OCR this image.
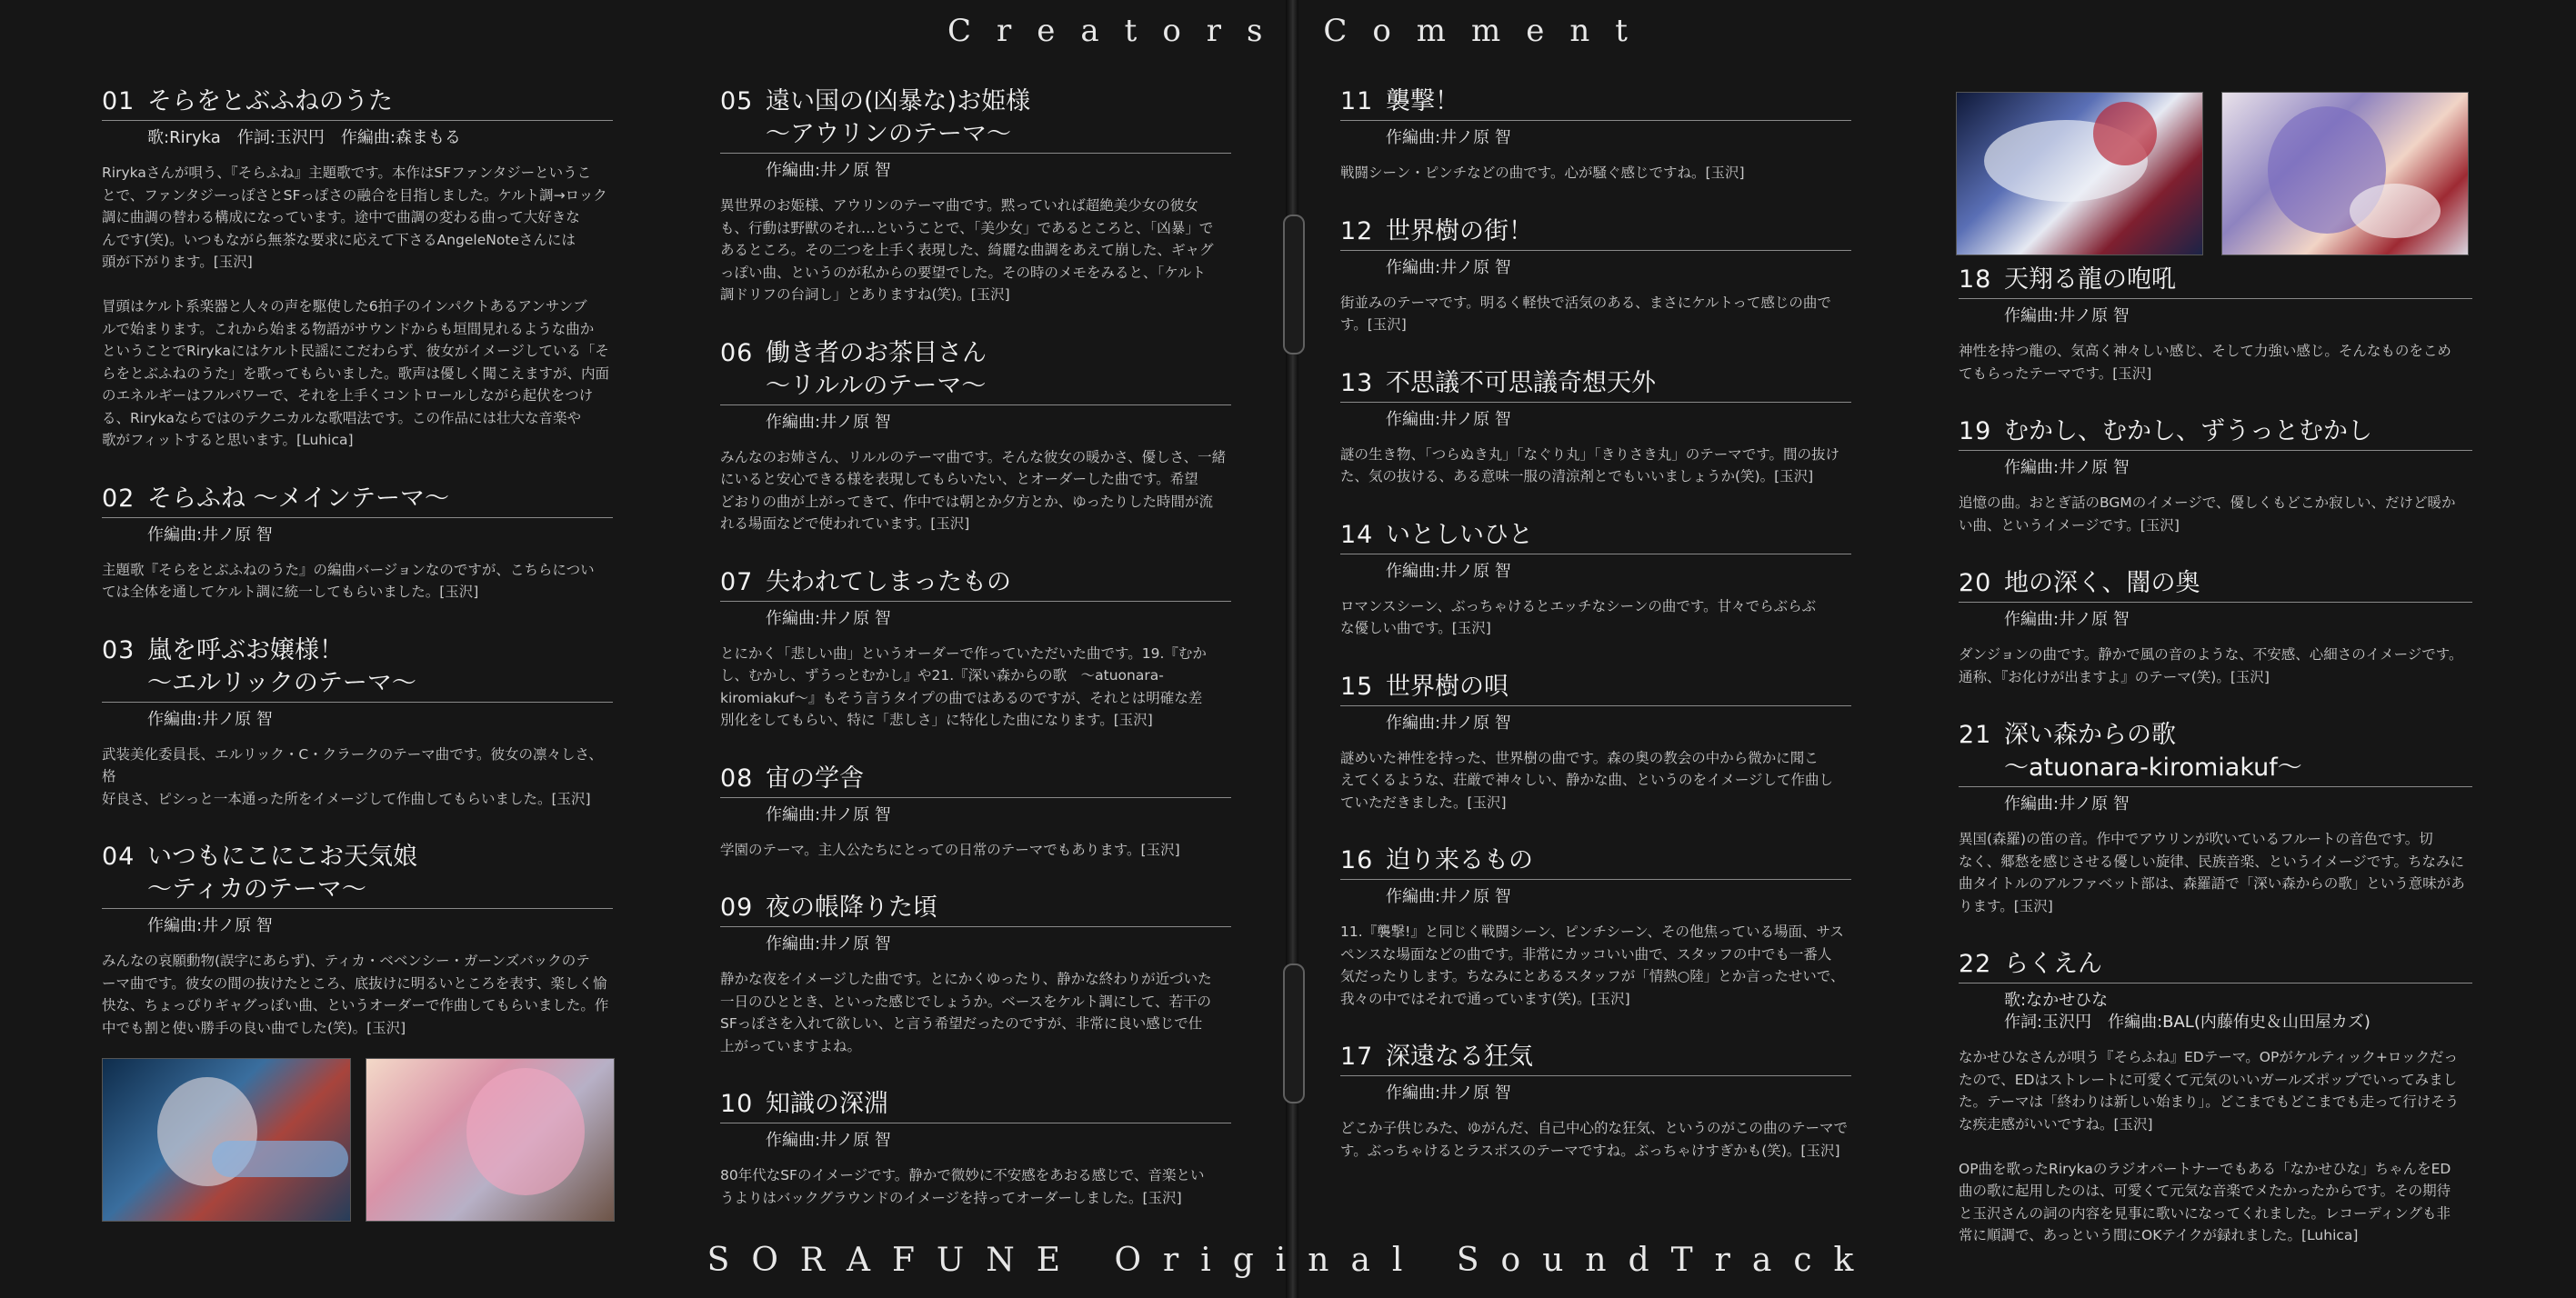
Creators Comment
01 そらをとぶふねのうた
歌:Riryka　作詞:玉沢円　作編曲:森まもる
Rirykaさんが唄う、『そらふね』主題歌です。本作はSFファンタジーというこ
とで、ファンタジーっぽさとSFっぽさの融合を目指しました。ケルト調→ロック
調に曲調の替わる構成になっています。途中で曲調の変わる曲って大好きな
んです(笑)。いつもながら無茶な要求に応えて下さるAngeleNoteさんには
頭が下がります。[玉沢]

冒頭はケルト系楽器と人々の声を駆使した6拍子のインパクトあるアンサンブ
ルで始まります。これから始まる物語がサウンドからも垣間見れるような曲か
ということでRirykaにはケルト民謡にこだわらず、彼女がイメージしている「そ
らをとぶふねのうた」を歌ってもらいました。歌声は優しく聞こえますが、内面
のエネルギーはフルパワーで、それを上手くコントロールしながら起伏をつけ
る、Rirykaならではのテクニカルな歌唱法です。この作品には壮大な音楽や
歌がフィットすると思います。[Luhica]
02 そらふね ～メインテーマ～
作編曲:井ノ原 智
主題歌『そらをとぶふねのうた』の編曲バージョンなのですが、こちらについ
ては全体を通してケルト調に統一してもらいました。[玉沢]
03 嵐を呼ぶお嬢様！
～エルリックのテーマ～
作編曲:井ノ原 智
武装美化委員長、エルリック・C・クラークのテーマ曲です。彼女の凛々しさ、格
好良さ、ピシっと一本通った所をイメージして作曲してもらいました。[玉沢]
04 いつもにこにこお天気娘
～ティカのテーマ～
作編曲:井ノ原 智
みんなの哀願動物(誤字にあらず)、ティカ・ベベンシー・ガーンズバックのテ
ーマ曲です。彼女の間の抜けたところ、底抜けに明るいところを表す、楽しく愉
快な、ちょっぴりギャグっぽい曲、というオーダーで作曲してもらいました。作
中でも割と使い勝手の良い曲でした(笑)。[玉沢]
05 遠い国の(凶暴な)お姫様
～アウリンのテーマ～
作編曲:井ノ原 智
異世界のお姫様、アウリンのテーマ曲です。黙っていれば超絶美少女の彼女
も、行動は野獣のそれ…ということで、「美少女」であるところと、「凶暴」で
あるところ。その二つを上手く表現した、綺麗な曲調をあえて崩した、ギャグ
っぽい曲、というのが私からの要望でした。その時のメモをみると、「ケルト
調ドリフの台詞し」とありますね(笑)。[玉沢]
06 働き者のお茶目さん
～リルルのテーマ～
作編曲:井ノ原 智
みんなのお姉さん、リルルのテーマ曲です。そんな彼女の暖かさ、優しさ、一緒
にいると安心できる様を表現してもらいたい、とオーダーした曲です。希望
どおりの曲が上がってきて、作中では朝とか夕方とか、ゆったりした時間が流
れる場面などで使われています。[玉沢]
07 失われてしまったもの
作編曲:井ノ原 智
とにかく「悲しい曲」というオーダーで作っていただいた曲です。19.『むか
し、むかし、ずうっとむかし』や21.『深い森からの歌　～atuonara-
kiromiakuf～』もそう言うタイプの曲ではあるのですが、それとは明確な差
別化をしてもらい、特に「悲しさ」に特化した曲になります。[玉沢]
08 宙の学舎
作編曲:井ノ原 智
学園のテーマ。主人公たちにとっての日常のテーマでもあります。[玉沢]
09 夜の帳降りた頃
作編曲:井ノ原 智
静かな夜をイメージした曲です。とにかくゆったり、静かな終わりが近づいた
一日のひととき、といった感じでしょうか。ベースをケルト調にして、若干の
SFっぽさを入れて欲しい、と言う希望だったのですが、非常に良い感じで仕
上がっていますよね。
10 知識の深淵
作編曲:井ノ原 智
80年代なSFのイメージです。静かで微妙に不安感をあおる感じで、音楽とい
うよりはバックグラウンドのイメージを持ってオーダーしました。[玉沢]
11 襲撃！
作編曲:井ノ原 智
戦闘シーン・ピンチなどの曲です。心が騒ぐ感じですね。[玉沢]
12 世界樹の街！
作編曲:井ノ原 智
街並みのテーマです。明るく軽快で活気のある、まさにケルトって感じの曲で
す。[玉沢]
13 不思議不可思議奇想天外
作編曲:井ノ原 智
謎の生き物、「つらぬき丸」「なぐり丸」「きりさき丸」のテーマです。間の抜け
た、気の抜ける、ある意味一服の清涼剤とでもいいましょうか(笑)。[玉沢]
14 いとしいひと
作編曲:井ノ原 智
ロマンスシーン、ぶっちゃけるとエッチなシーンの曲です。甘々でらぶらぶ
な優しい曲です。[玉沢]
15 世界樹の唄
作編曲:井ノ原 智
謎めいた神性を持った、世界樹の曲です。森の奥の教会の中から微かに聞こ
えてくるような、荘厳で神々しい、静かな曲、というのをイメージして作曲し
ていただきました。[玉沢]
16 迫り来るもの
作編曲:井ノ原 智
11.『襲撃!』と同じく戦闘シーン、ピンチシーン、その他焦っている場面、サス
ペンスな場面などの曲です。非常にカッコいい曲で、スタッフの中でも一番人
気だったりします。ちなみにとあるスタッフが「情熱○陸」とか言ったせいで、
我々の中ではそれで通っています(笑)。[玉沢]
17 深遠なる狂気
作編曲:井ノ原 智
どこか子供じみた、ゆがんだ、自己中心的な狂気、というのがこの曲のテーマで
す。ぶっちゃけるとラスボスのテーマですね。ぶっちゃけすぎかも(笑)。[玉沢]
18 天翔る龍の咆吼
作編曲:井ノ原 智
神性を持つ龍の、気高く神々しい感じ、そして力強い感じ。そんなものをこめ
てもらったテーマです。[玉沢]
19 むかし、むかし、ずうっとむかし
作編曲:井ノ原 智
追憶の曲。おとぎ話のBGMのイメージで、優しくもどこか寂しい、だけど暖か
い曲、というイメージです。[玉沢]
20 地の深く、闇の奥
作編曲:井ノ原 智
ダンジョンの曲です。静かで風の音のような、不安感、心細さのイメージです。
通称、『お化けが出ますよ』のテーマ(笑)。[玉沢]
21 深い森からの歌
～atuonara-kiromiakuf～
作編曲:井ノ原 智
異国(森羅)の笛の音。作中でアウリンが吹いているフルートの音色です。切
なく、郷愁を感じさせる優しい旋律、民族音楽、というイメージです。ちなみに
曲タイトルのアルファベット部は、森羅語で「深い森からの歌」という意味があ
ります。[玉沢]
22 らくえん
歌:なかせひな
作詞:玉沢円　作編曲:BAL(内藤侑史＆山田屋カズ)
なかせひなさんが唄う『そらふね』EDテーマ。OPがケルティック+ロックだっ
たので、EDはストレートに可愛くて元気のいいガールズポップでいってみまし
た。テーマは「終わりは新しい始まり」。どこまでもどこまでも走って行けそう
な疾走感がいいですね。[玉沢]

OP曲を歌ったRirykaのラジオパートナーでもある「なかせひな」ちゃんをED
曲の歌に起用したのは、可愛くて元気な音楽でメたかったからです。その期待
と玉沢さんの詞の内容を見事に歌いになってくれました。レコーディングも非
常に順調で、あっという間にOKテイクが録れました。[Luhica]
SORAFUNE Original SoundTrack
